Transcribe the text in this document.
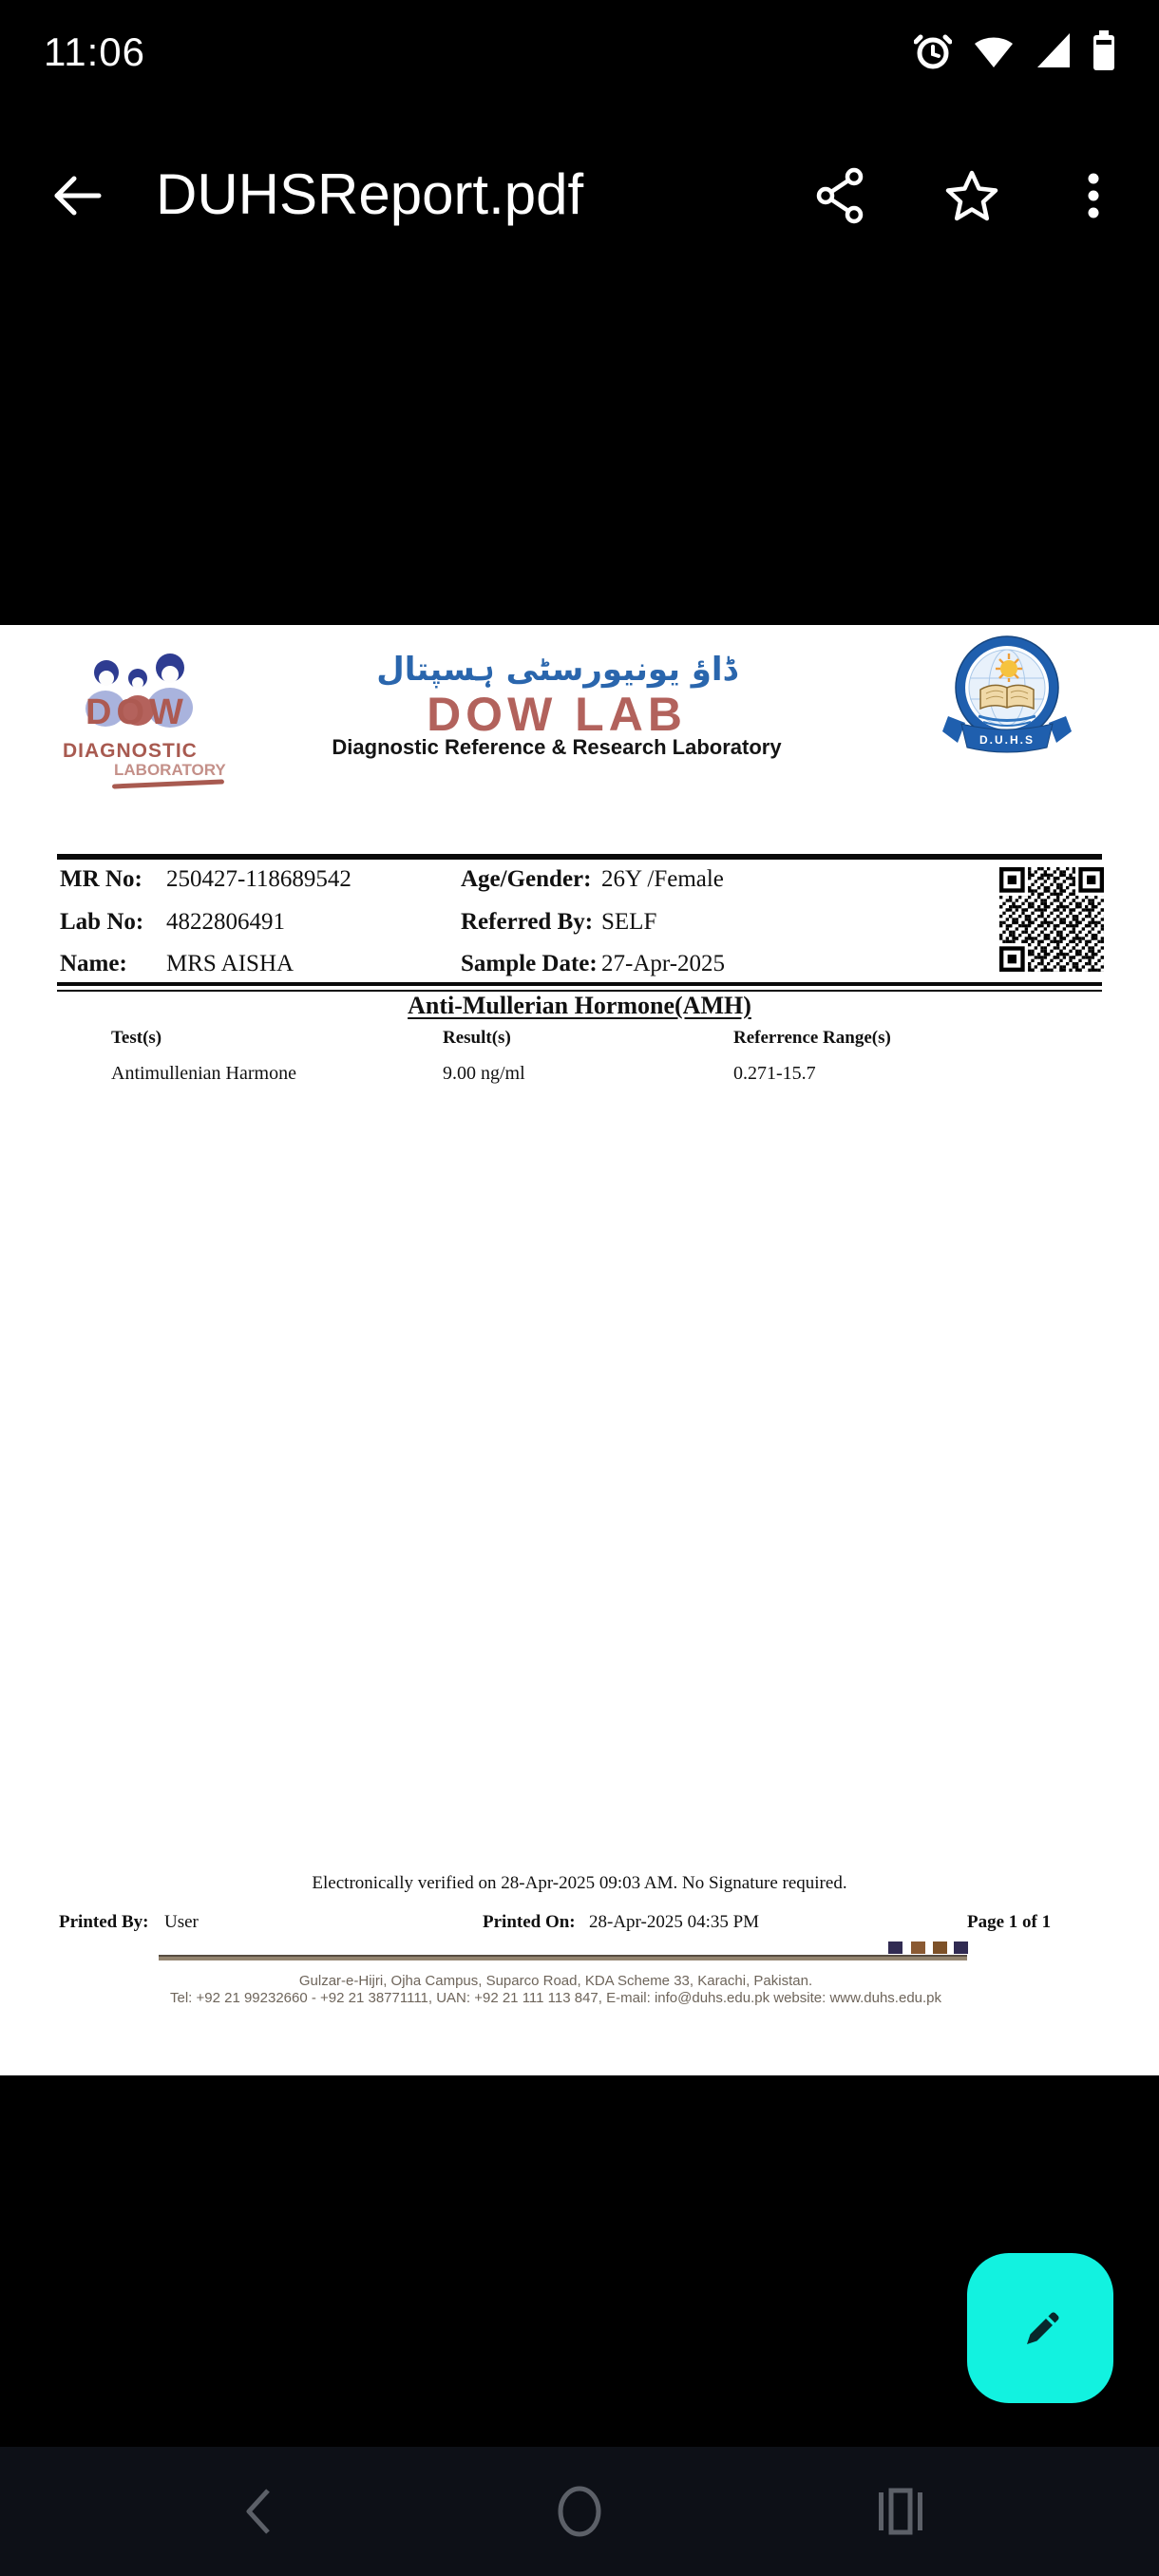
11:06
DUHSReport.pdf
DOW
DIAGNOSTIC
LABORATORY
ڈاؤ یونیورسٹی ہسپتال
DOW LAB
Diagnostic Reference & Research Laboratory	D.U.H.S
MR No: 250427-118689542	Age/Gender: 26Y /Female
Lab No: 4822806491	Referred By: SELF
Name: MRS AISHA	Sample Date: 27-Apr-2025
Anti-Mullerian Hormone(AMH)
Test(s)	Result(s)	Referrence Range(s)
Antimullenian Harmone	9.00 ng/ml	0.271-15.7
Electronically verified on 28-Apr-2025 09:03 AM. No Signature required.
Printed By: User	Printed On: 28-Apr-2025 04:35 PM	Page 1 of 1
Gulzar-e-Hijri, Ojha Campus, Suparco Road, KDA Scheme 33, Karachi, Pakistan.
Tel: +92 21 99232660 - +92 21 38771111, UAN: +92 21 111 113 847, E-mail: info@duhs.edu.pk website: www.duhs.edu.pk
